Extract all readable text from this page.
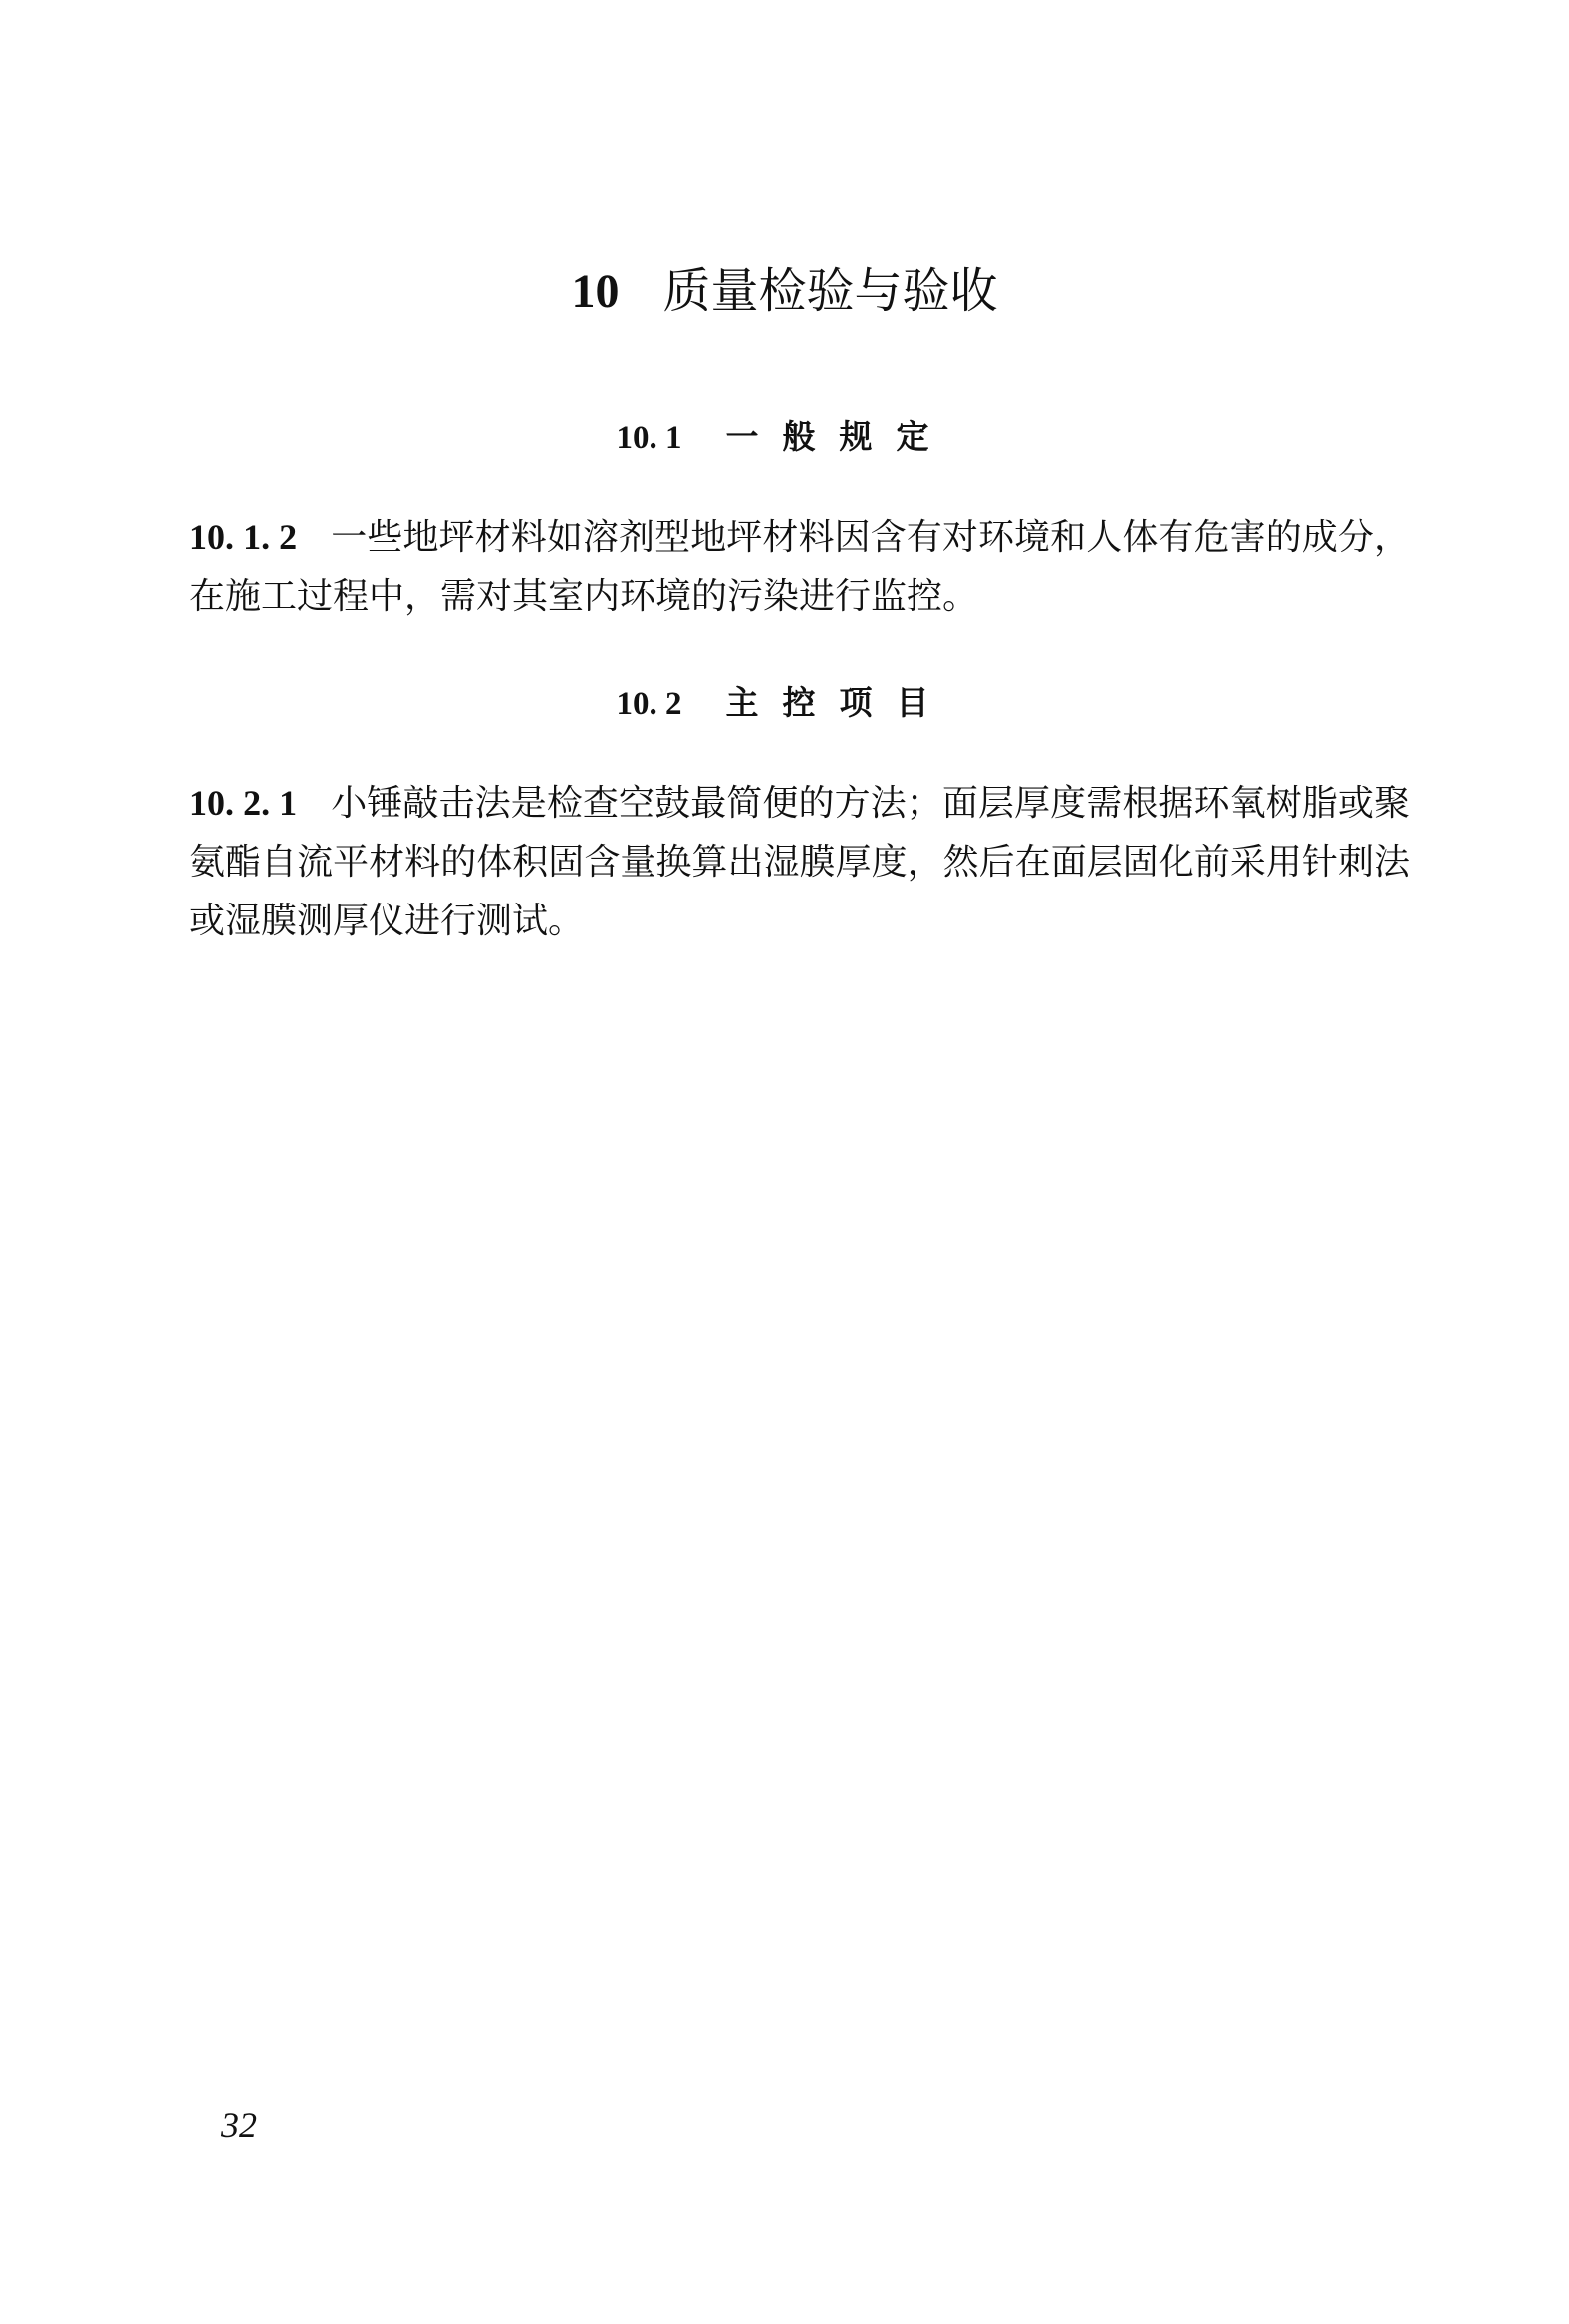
10 质量检验与验收
10. 1 一般规定
10. 1. 2 一些地坪材料如溶剂型地坪材料因含有对环境和人体有危害的成分，在施工过程中，需对其室内环境的污染进行监控。
10. 2 主控项目
10. 2. 1 小锤敲击法是检查空鼓最简便的方法；面层厚度需根据环氧树脂或聚氨酯自流平材料的体积固含量换算出湿膜厚度，然后在面层固化前采用针刺法或湿膜测厚仪进行测试。
32
